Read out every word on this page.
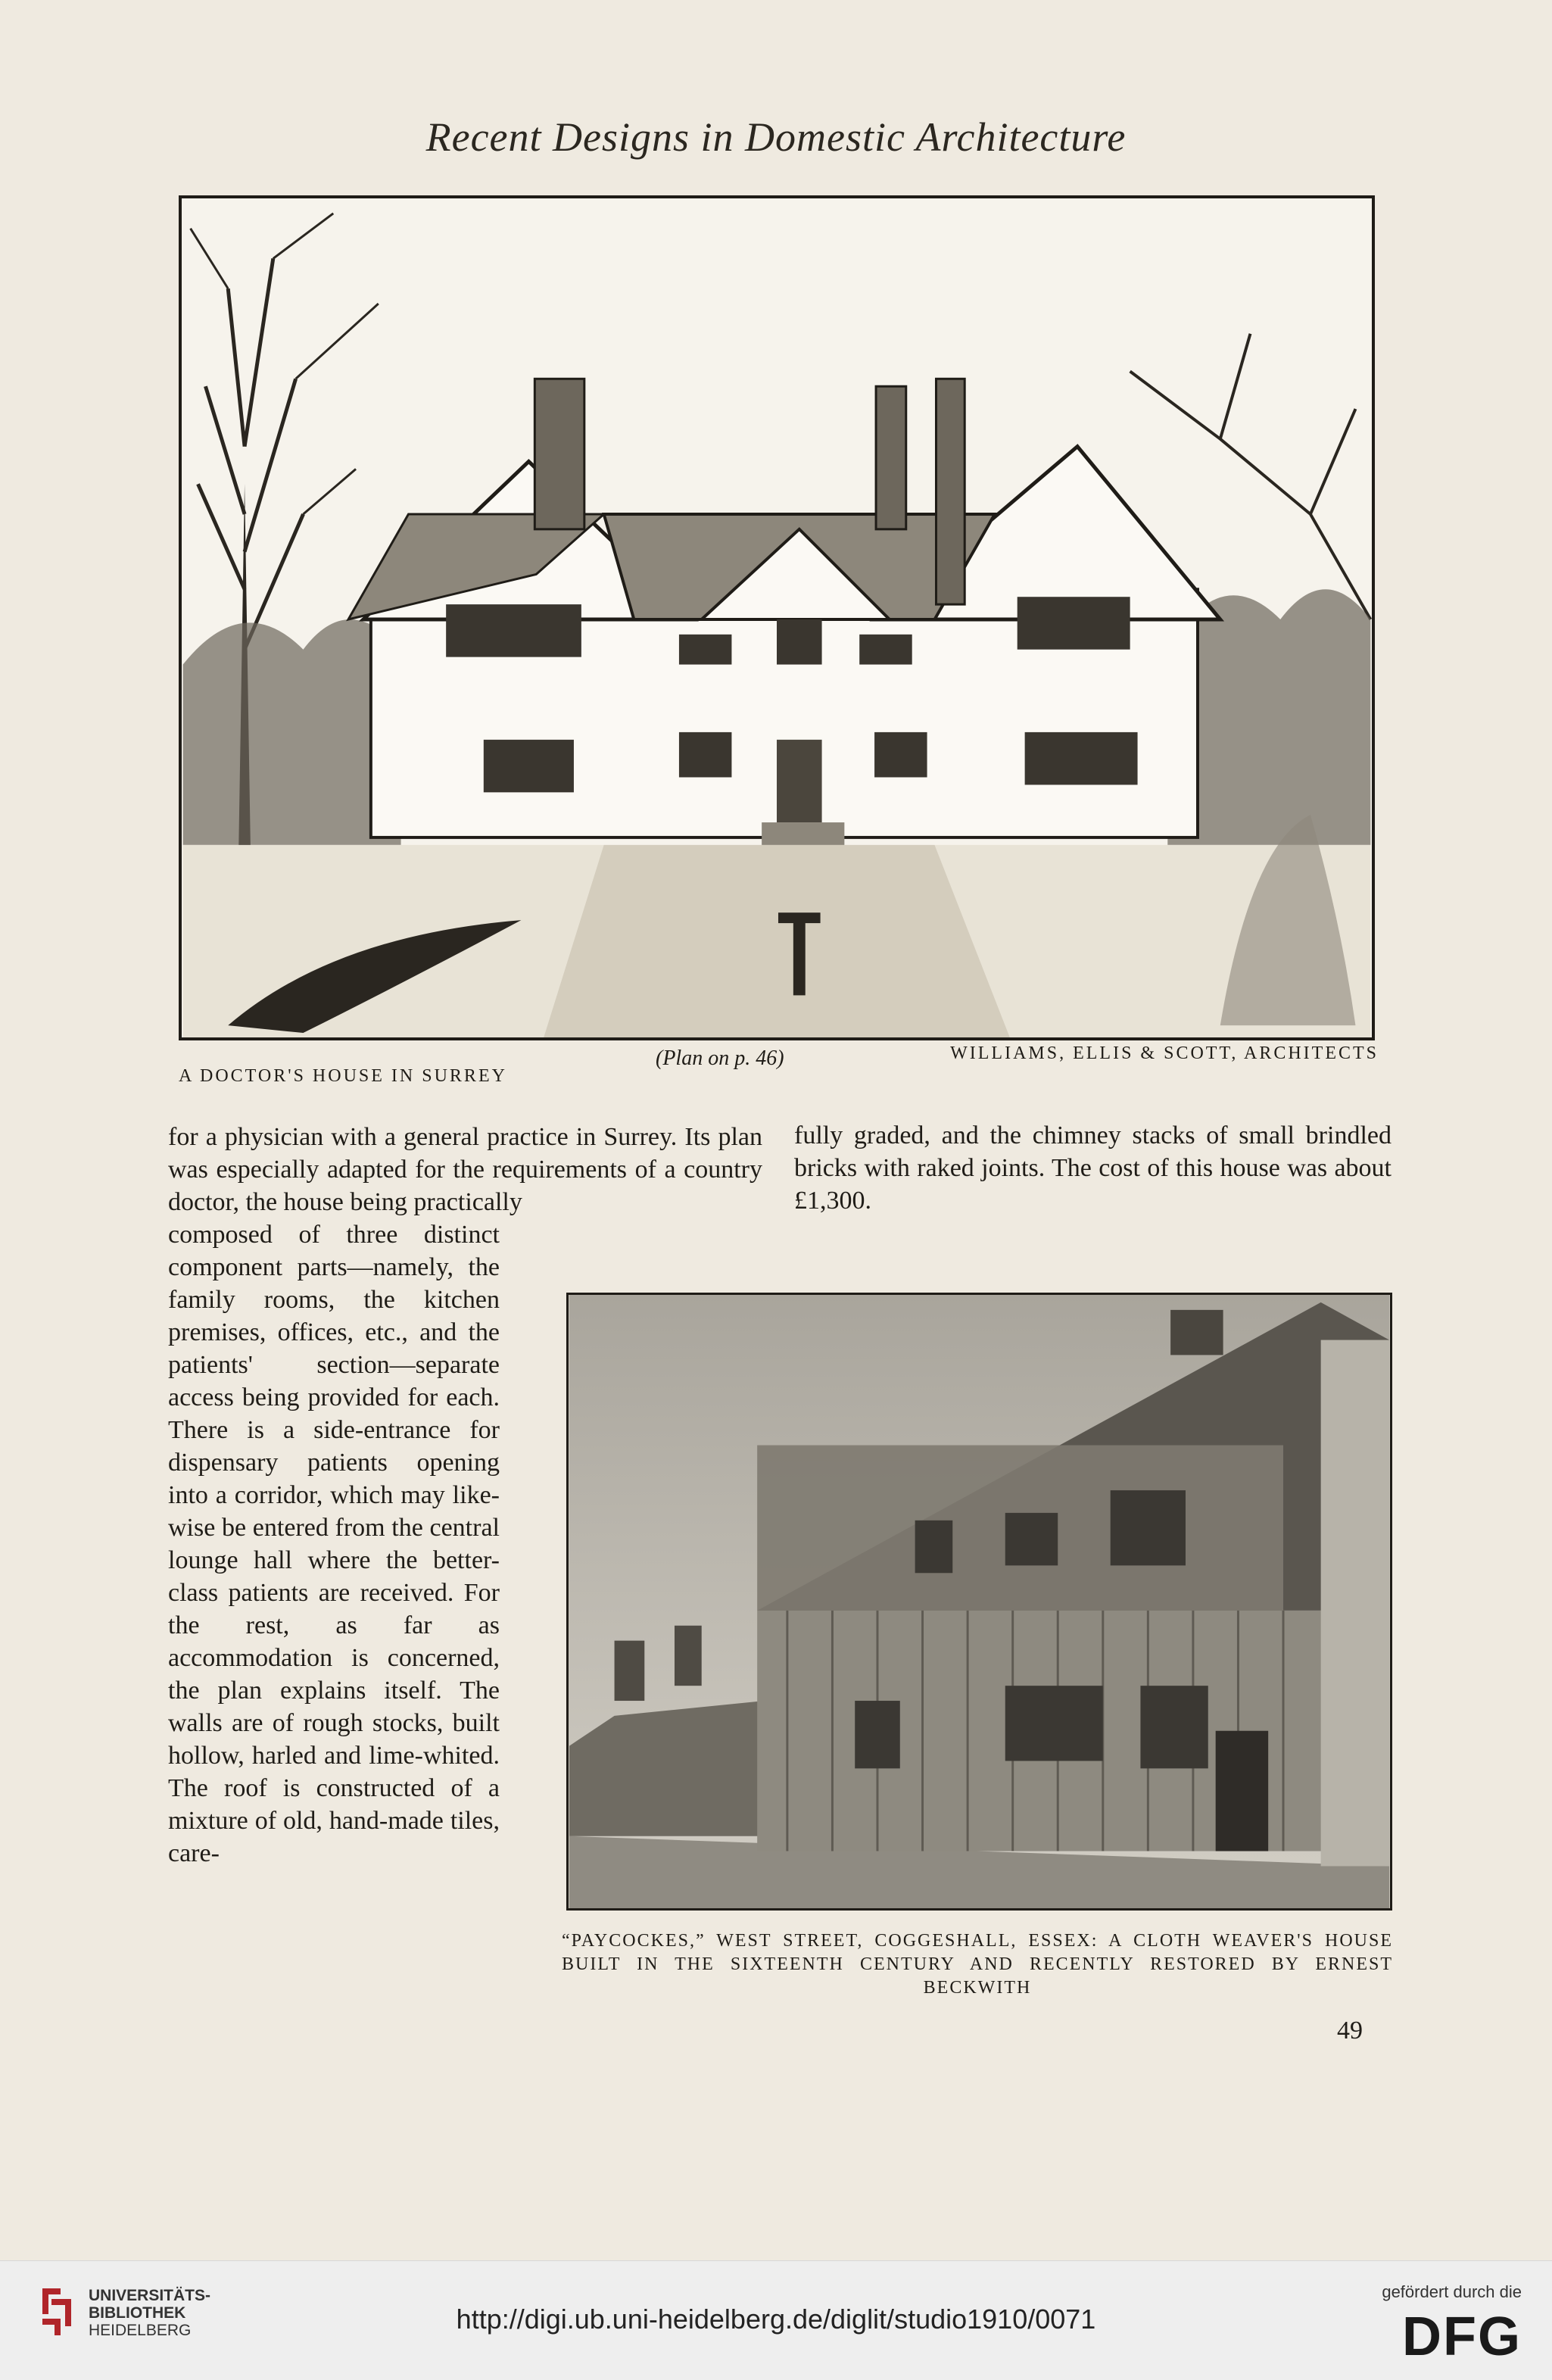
Recent Designs in Domestic Architecture
A DOCTOR'S HOUSE IN SURREY
(Plan on p. 46)	WILLIAMS, ELLIS & SCOTT, ARCHITECTS
for a physician with a general practice in Surrey. Its plan was especially adapted for the requirements of a country doctor, the house being practically
composed of three distinct component parts—namely, the family rooms, the kitchen premises, offices, etc., and the patients' section—separate access being provided for each. There is a side-entrance for dispensary patients opening into a corridor, which may likewise be entered from the central lounge hall where the better-class patients are received. For the rest, as far as accommodation is concerned, the plan explains itself. The walls are of rough stocks, built hollow, harled and lime-whited. The roof is constructed of a mixture of old, hand-made tiles, care-
fully graded, and the chimney stacks of small brindled bricks with raked joints. The cost of this house was about £1,300.
“PAYCOCKES,” WEST STREET, COGGESHALL, ESSEX: A CLOTH WEAVER'S HOUSE BUILT IN THE SIXTEENTH CENTURY AND RECENTLY RESTORED BY ERNEST BECKWITH
49
UNIVERSITÄTS-
BIBLIOTHEK
HEIDELBERG	http://digi.ub.uni-heidelberg.de/diglit/studio1910/0071
gefördert durch die
DFG
